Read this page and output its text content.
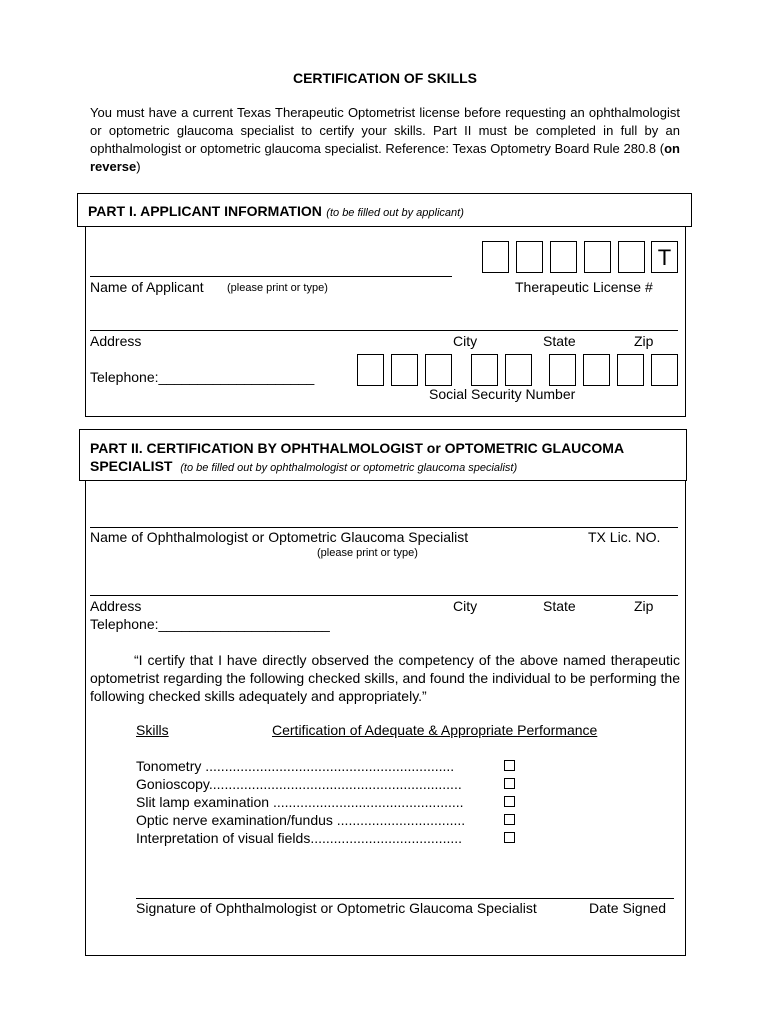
CERTIFICATION OF SKILLS
You must have a current Texas Therapeutic Optometrist license before requesting an ophthalmologist or optometric glaucoma specialist to certify your skills. Part II must be completed in full by an ophthalmologist or optometric glaucoma specialist. Reference: Texas Optometry Board Rule 280.8 (on reverse)
PART I. APPLICANT INFORMATION (to be filled out by applicant)
Name of Applicant (please print or type)
T
Therapeutic License #
Address	City	State	Zip
Telephone:____________________
Social Security Number
PART II. CERTIFICATION BY OPHTHALMOLOGIST or OPTOMETRIC GLAUCOMA
SPECIALIST (to be filled out by ophthalmologist or optometric glaucoma specialist)
Name of Ophthalmologist or Optometric Glaucoma Specialist	TX Lic. NO.
(please print or type)
Address	City	State	Zip
Telephone:______________________
“I certify that I have directly observed the competency of the above named therapeutic optometrist regarding the following checked skills, and found the individual to be performing the following checked skills adequately and appropriately.”
Skills	Certification of Adequate & Appropriate Performance
Tonometry ................................................................
Gonioscopy.................................................................
Slit lamp examination .................................................
Optic nerve examination/fundus .................................
Interpretation of visual fields.......................................
Signature of Ophthalmologist or Optometric Glaucoma Specialist	Date Signed
